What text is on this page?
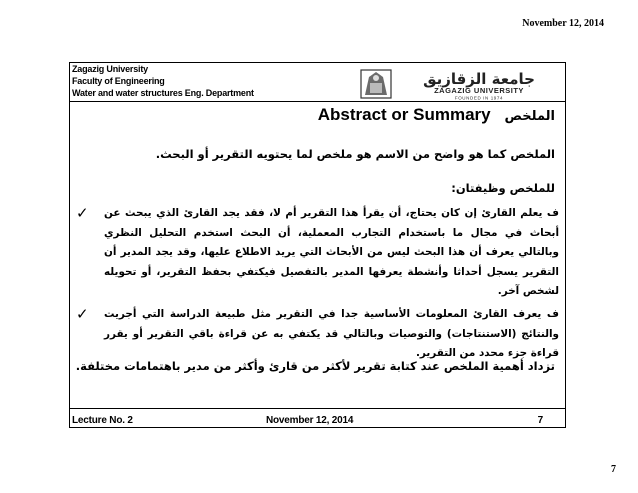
November 12, 2014
Zagazig University
Faculty of Engineering
Water and water structures Eng. Department
جامعة الزقازيق
ZAGAZIG UNIVERSITY
FOUNDED IN 1974
الملخص Abstract or Summary
الملخص كما هو واضح من الاسم هو ملخص لما يحتويه التقرير أو البحث.
للملخص وظيفتان:
✓ ف يعلم القارئ إن كان يحتاج، أن يقرأ هذا التقرير أم لا، فقد يجد القارئ الذي يبحث عن أبحاث في مجال ما باستخدام التجارب المعملية، أن البحث استخدم التحليل النظري وبالتالي يعرف أن هذا البحث ليس من الأبحاث التي يريد الاطلاع عليها، وقد يجد المدير أن التقرير يسجل أحداثا وأنشطة يعرفها المدير بالتفصيل فيكتفي بحفظ التقرير، أو تحويله لشخص آخر.
✓ ف يعرف القارئ المعلومات الأساسية جدا في التقرير مثل طبيعة الدراسة التي أجريت والنتائج (الاستنتاجات) والتوصيات وبالتالي قد يكتفي به عن قراءة باقي التقرير أو يقرر قراءة جزء محدد من التقرير.
تزداد أهمية الملخص عند كتابة تقرير لأكثر من قارئ وأكثر من مدير باهتمامات مختلفة.
Lecture No. 2	November 12, 2014	7
7
